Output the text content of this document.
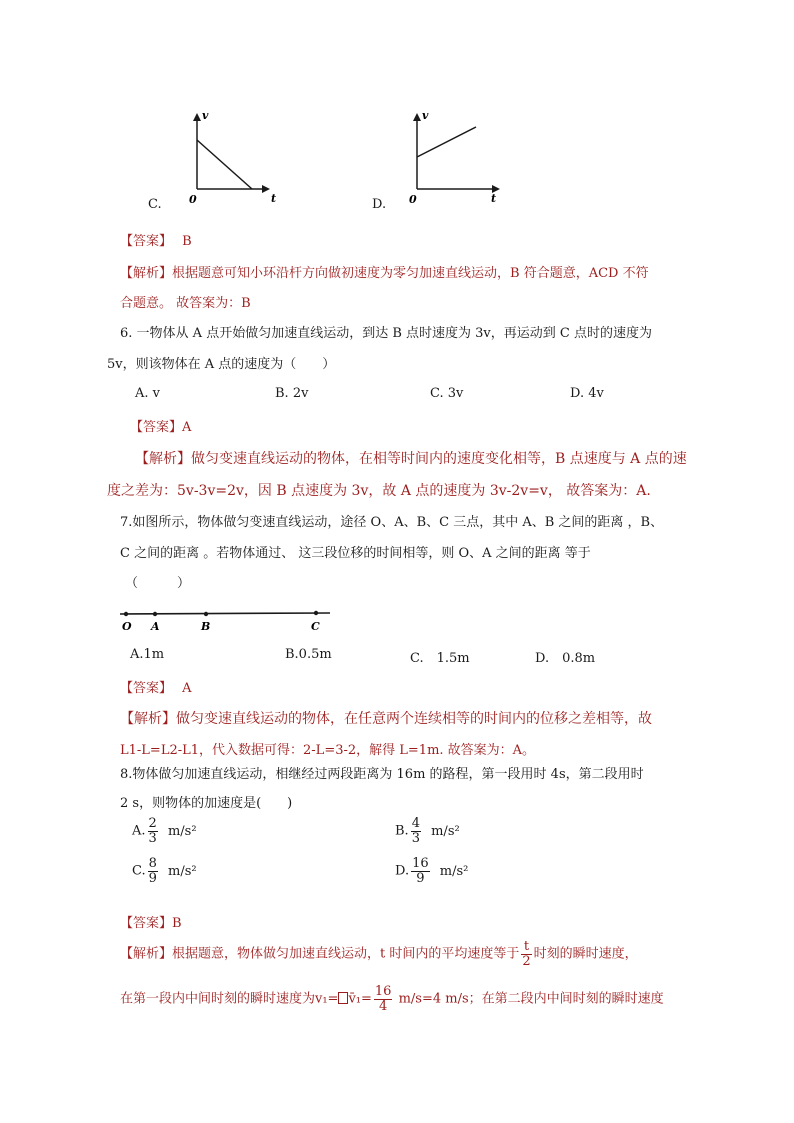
v
t
0
C.
v
t
0
D.
【答案】 B
【解析】根据题意可知小环沿杆方向做初速度为零匀加速直线运动，B 符合题意，ACD 不符
合题意。 故答案为：B
6. 一物体从 A 点开始做匀加速直线运动，到达 B 点时速度为 3v，再运动到 C 点时的速度为
5v，则该物体在 A 点的速度为（　　）
A. v	B. 2v	C. 3v	D. 4v
【答案】A
【解析】做匀变速直线运动的物体，在相等时间内的速度变化相等，B 点速度与 A 点的速
度之差为：5v-3v=2v，因 B 点速度为 3v，故 A 点的速度为 3v-2v=v， 故答案为：A.
7.如图所示，物体做匀变速直线运动，途径 O、A、B、C 三点，其中 A、B 之间的距离 ，B、
C 之间的距离 。若物体通过、 这三段位移的时间相等，则 O、A 之间的距离 等于
（　　　）
O A	B	C
A.1m	B.0.5m	C.　1.5m	D.　0.8m
【答案】 A
【解析】做匀变速直线运动的物体，在任意两个连续相等的时间内的位移之差相等，故
L1-L=L2-L1，代入数据可得：2-L=3-2，解得 L=1m. 故答案为：A。
8.物体做匀加速直线运动，相继经过两段距离为 16m 的路程，第一段用时 4s，第二段用时
2 s，则物体的加速度是(　　)
A. $\frac{2}{3} m/s^2$	B. $\frac{4}{3} m/s^2$
C. $\frac{8}{9} m/s^2$	D. $\frac{16}{9} m/s^2$
【答案】B
【解析】根据题意，物体做匀加速直线运动，t 时间内的平均速度等于 $\frac{t}{2}$ 时刻的瞬时速度，
在第一段内中间时刻的瞬时速度为v₁= v̄₁= $\frac{16}{4} m/s=4$ m/s；在第二段内中间时刻的瞬时速度
